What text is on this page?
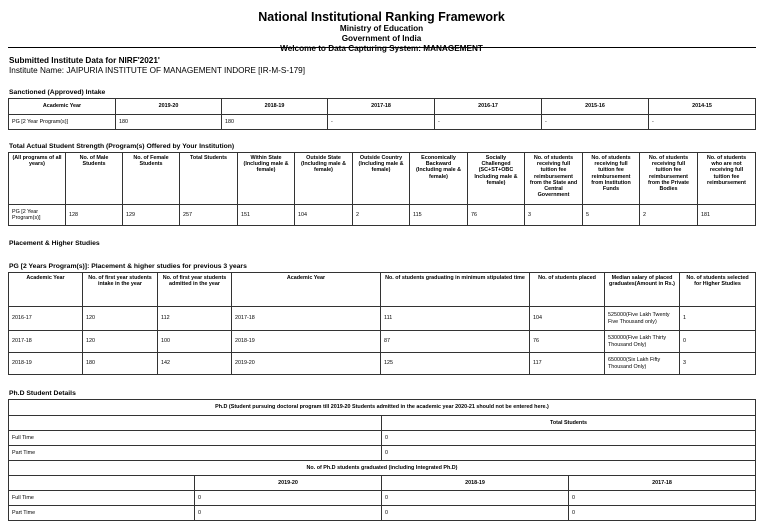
National Institutional Ranking Framework
Ministry of Education
Government of India
Welcome to Data Capturing System: MANAGEMENT
Submitted Institute Data for NIRF'2021'
Institute Name: JAIPURIA INSTITUTE OF MANAGEMENT INDORE [IR-M-S-179]
Sanctioned (Approved) Intake
Academic Year	2019-20	2018-19	2017-18	2016-17	2015-16	2014-15
PG [2 Year Program(s)]	180	180	-	-	-	-
Total Actual Student Strength (Program(s) Offered by Your Institution)
(All programs of all years)	No. of Male Students	No. of Female Students	Total Students	Within State (Including male & female)	Outside State (Including male & female)	Outside Country (Including male & female)	Economically Backward (Including male & female)	Socially Challenged (SC+ST+OBC Including male & female)	No. of students receiving full tuition fee reimbursement from the State and Central Government	No. of students receiving full tuition fee reimbursement from Institution Funds	No. of students receiving full tuition fee reimbursement from the Private Bodies	No. of students who are not receiving full tuition fee reimbursement
PG [2 Year Program(s)]	128	129	257	151	104	2	115	76	3	5	2	181
Placement & Higher Studies
PG [2 Years Program(s)]: Placement & higher studies for previous 3 years
Academic Year	No. of first year students intake in the year	No. of first year students admitted in the year	Academic Year	No. of students graduating in minimum stipulated time	No. of students placed	Median salary of placed graduates(Amount in Rs.)	No. of students selected for Higher Studies
2016-17	120	112	2017-18	111	104	525000(Five Lakh Twenty Five Thousand only)	1
2017-18	120	100	2018-19	87	76	530000(Five Lakh Thirty Thousand Only)	0
2018-19	180	142	2019-20	125	117	650000(Six Lakh Fifty Thousand Only)	3
Ph.D Student Details
Ph.D (Student pursuing doctoral program till 2019-20 Students admitted in the academic year 2020-21 should not be entered here.)			
		Total Students	
Full Time		0	
Part Time		0	
No. of Ph.D students graduated (including Integrated Ph.D)			
	2019-20	2018-19	2017-18
Full Time	0	0	0
Part Time	0	0	0
